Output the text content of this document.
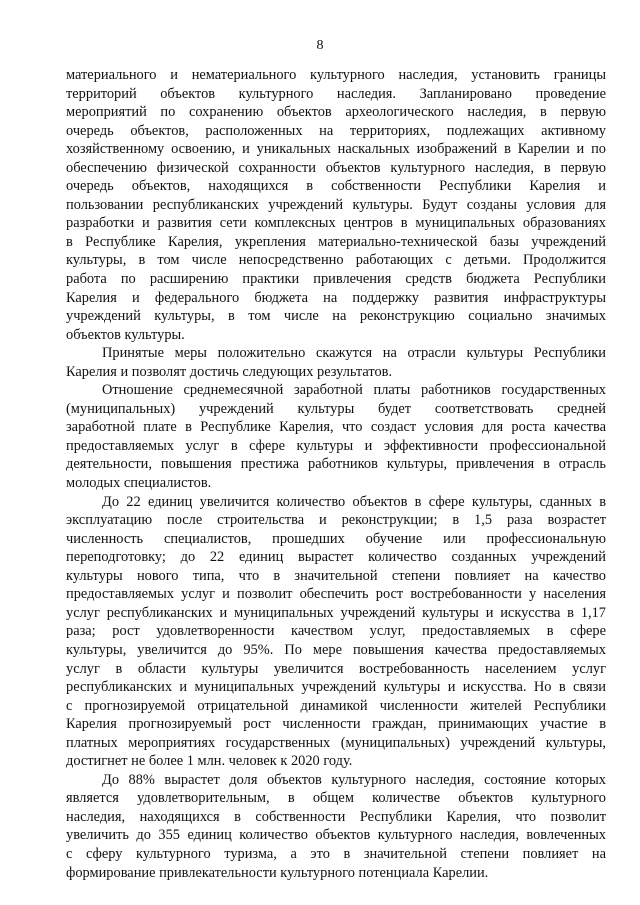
8
материального и нематериального культурного наследия, установить границы
территорий объектов культурного наследия. Запланировано проведение
мероприятий по сохранению объектов археологического наследия, в первую
очередь объектов, расположенных на территориях, подлежащих активному
хозяйственному освоению, и уникальных наскальных изображений в Карелии и по
обеспечению физической сохранности объектов культурного наследия, в первую
очередь объектов, находящихся в собственности Республики Карелия и
пользовании республиканских учреждений культуры. Будут созданы условия для
разработки и развития сети комплексных центров в муниципальных образованиях
в Республике Карелия, укрепления материально-технической базы учреждений
культуры, в том числе непосредственно работающих с детьми. Продолжится
работа по расширению практики привлечения средств бюджета Республики
Карелия и федерального бюджета на поддержку развития инфраструктуры
учреждений культуры, в том числе на реконструкцию социально значимых
объектов культуры.
Принятые меры положительно скажутся на отрасли культуры Республики
Карелия и позволят достичь следующих результатов.
Отношение среднемесячной заработной платы работников государственных
(муниципальных) учреждений культуры будет соответствовать средней
заработной плате в Республике Карелия, что создаст условия для роста качества
предоставляемых услуг в сфере культуры и эффективности профессиональной
деятельности, повышения престижа работников культуры, привлечения в отрасль
молодых специалистов.
До 22 единиц увеличится количество объектов в сфере культуры, сданных в
эксплуатацию после строительства и реконструкции; в 1,5 раза возрастет
численность специалистов, прошедших обучение или профессиональную
переподготовку; до 22 единиц вырастет количество созданных учреждений
культуры нового типа, что в значительной степени повлияет на качество
предоставляемых услуг и позволит обеспечить рост востребованности у населения
услуг республиканских и муниципальных учреждений культуры и искусства в 1,17
раза; рост удовлетворенности качеством услуг, предоставляемых в сфере
культуры, увеличится до 95%. По мере повышения качества предоставляемых
услуг в области культуры увеличится востребованность населением услуг
республиканских и муниципальных учреждений культуры и искусства. Но в связи
с прогнозируемой отрицательной динамикой численности жителей Республики
Карелия прогнозируемый рост численности граждан, принимающих участие в
платных мероприятиях государственных (муниципальных) учреждений культуры,
достигнет не более 1 млн. человек к 2020 году.
До 88% вырастет доля объектов культурного наследия, состояние которых
является удовлетворительным, в общем количестве объектов культурного
наследия, находящихся в собственности Республики Карелия, что позволит
увеличить до 355 единиц количество объектов культурного наследия, вовлеченных
с сферу культурного туризма, а это в значительной степени повлияет на
формирование привлекательности культурного потенциала Карелии.
